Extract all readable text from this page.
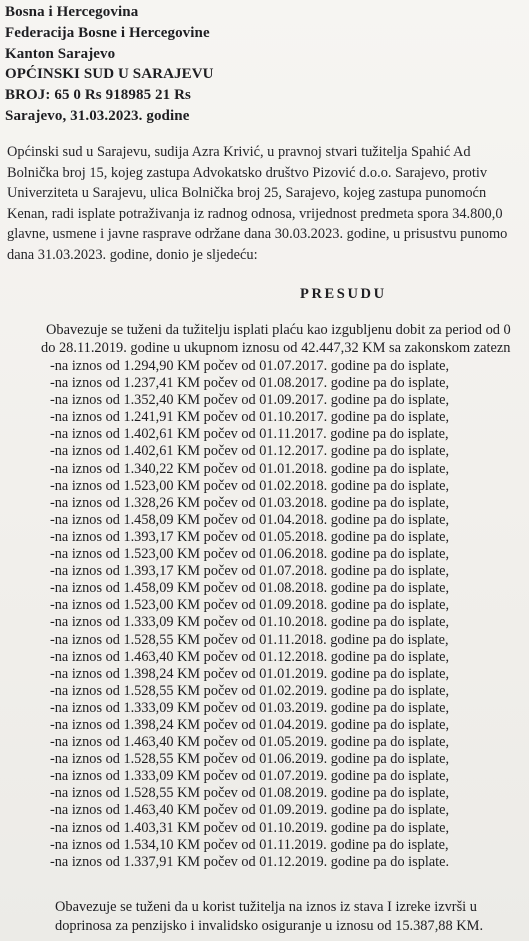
Bosna i Hercegovina
Federacija Bosne i Hercegovine
Kanton Sarajevo
OPĆINSKI SUD U SARAJEVU
BROJ: 65 0 Rs 918985 21 Rs
Sarajevo, 31.03.2023. godine
Općinski sud u Sarajevu, sudija Azra Krivić, u pravnoj stvari tužitelja Spahić Ad
Bolnička broj 15, kojeg zastupa Advokatsko društvo Pizović d.o.o. Sarajevo, protiv
Univerziteta u Sarajevu, ulica Bolnička broj 25, Sarajevo, kojeg zastupa punomoćn
Kenan, radi isplate potraživanja iz radnog odnosa, vrijednost predmeta spora 34.800,0
glavne, usmene i javne rasprave održane dana 30.03.2023. godine, u prisustvu punomo
dana 31.03.2023. godine, donio je sljedeću:
PRESUDU
Obavezuje se tuženi da tužitelju isplati plaću kao izgubljenu dobit za period od 0
do 28.11.2019. godine u ukupnom iznosu od 42.447,32 KM sa zakonskom zatezn
-na iznos od 1.294,90 KM počev od 01.07.2017. godine pa do isplate,
-na iznos od 1.237,41 KM počev od 01.08.2017. godine pa do isplate,
-na iznos od 1.352,40 KM počev od 01.09.2017. godine pa do isplate,
-na iznos od 1.241,91 KM počev od 01.10.2017. godine pa do isplate,
-na iznos od 1.402,61 KM počev od 01.11.2017. godine pa do isplate,
-na iznos od 1.402,61 KM počev od 01.12.2017. godine pa do isplate,
-na iznos od 1.340,22 KM počev od 01.01.2018. godine pa do isplate,
-na iznos od 1.523,00 KM počev od 01.02.2018. godine pa do isplate,
-na iznos od 1.328,26 KM počev od 01.03.2018. godine pa do isplate,
-na iznos od 1.458,09 KM počev od 01.04.2018. godine pa do isplate,
-na iznos od 1.393,17 KM počev od 01.05.2018. godine pa do isplate,
-na iznos od 1.523,00 KM počev od 01.06.2018. godine pa do isplate,
-na iznos od 1.393,17 KM počev od 01.07.2018. godine pa do isplate,
-na iznos od 1.458,09 KM počev od 01.08.2018. godine pa do isplate,
-na iznos od 1.523,00 KM počev od 01.09.2018. godine pa do isplate,
-na iznos od 1.333,09 KM počev od 01.10.2018. godine pa do isplate,
-na iznos od 1.528,55 KM počev od 01.11.2018. godine pa do isplate,
-na iznos od 1.463,40 KM počev od 01.12.2018. godine pa do isplate,
-na iznos od 1.398,24 KM počev od 01.01.2019. godine pa do isplate,
-na iznos od 1.528,55 KM počev od 01.02.2019. godine pa do isplate,
-na iznos od 1.333,09 KM počev od 01.03.2019. godine pa do isplate,
-na iznos od 1.398,24 KM počev od 01.04.2019. godine pa do isplate,
-na iznos od 1.463,40 KM počev od 01.05.2019. godine pa do isplate,
-na iznos od 1.528,55 KM počev od 01.06.2019. godine pa do isplate,
-na iznos od 1.333,09 KM počev od 01.07.2019. godine pa do isplate,
-na iznos od 1.528,55 KM počev od 01.08.2019. godine pa do isplate,
-na iznos od 1.463,40 KM počev od 01.09.2019. godine pa do isplate,
-na iznos od 1.403,31 KM počev od 01.10.2019. godine pa do isplate,
-na iznos od 1.534,10 KM počev od 01.11.2019. godine pa do isplate,
-na iznos od 1.337,91 KM počev od 01.12.2019. godine pa do isplate.
Obavezuje se tuženi da u korist tužitelja na iznos iz stava I izreke izvrši u
doprinosa za penzijsko i invalidsko osiguranje u iznosu od 15.387,88 KM.
